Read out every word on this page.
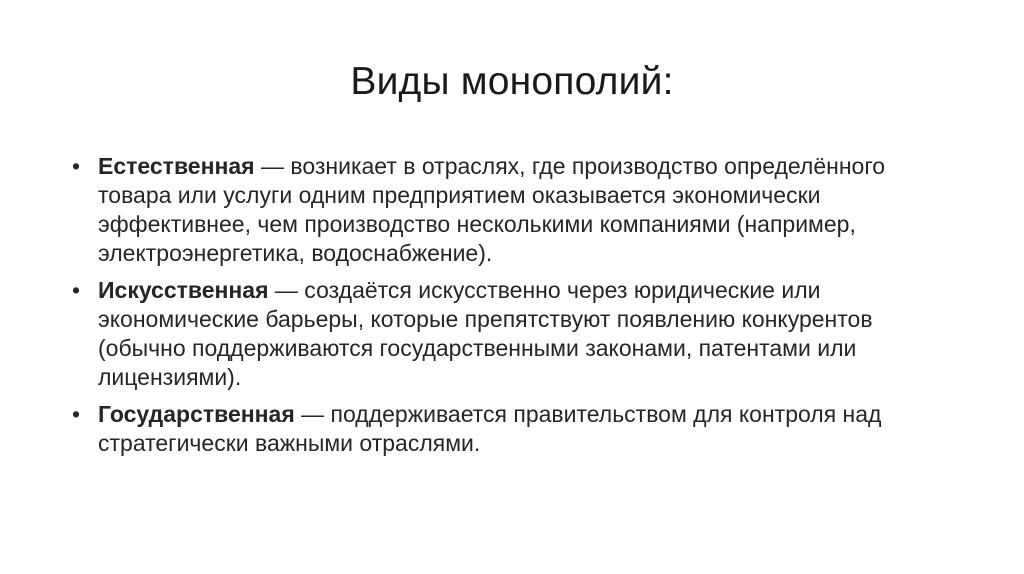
Виды монополий:
• Естественная — возникает в отраслях, где производство определённого товара или услуги одним предприятием оказывается экономически эффективнее, чем производство несколькими компаниями (например, электроэнергетика, водоснабжение).
• Искусственная — создаётся искусственно через юридические или экономические барьеры, которые препятствуют появлению конкурентов (обычно поддерживаются государственными законами, патентами или лицензиями).
• Государственная — поддерживается правительством для контроля над стратегически важными отраслями.
